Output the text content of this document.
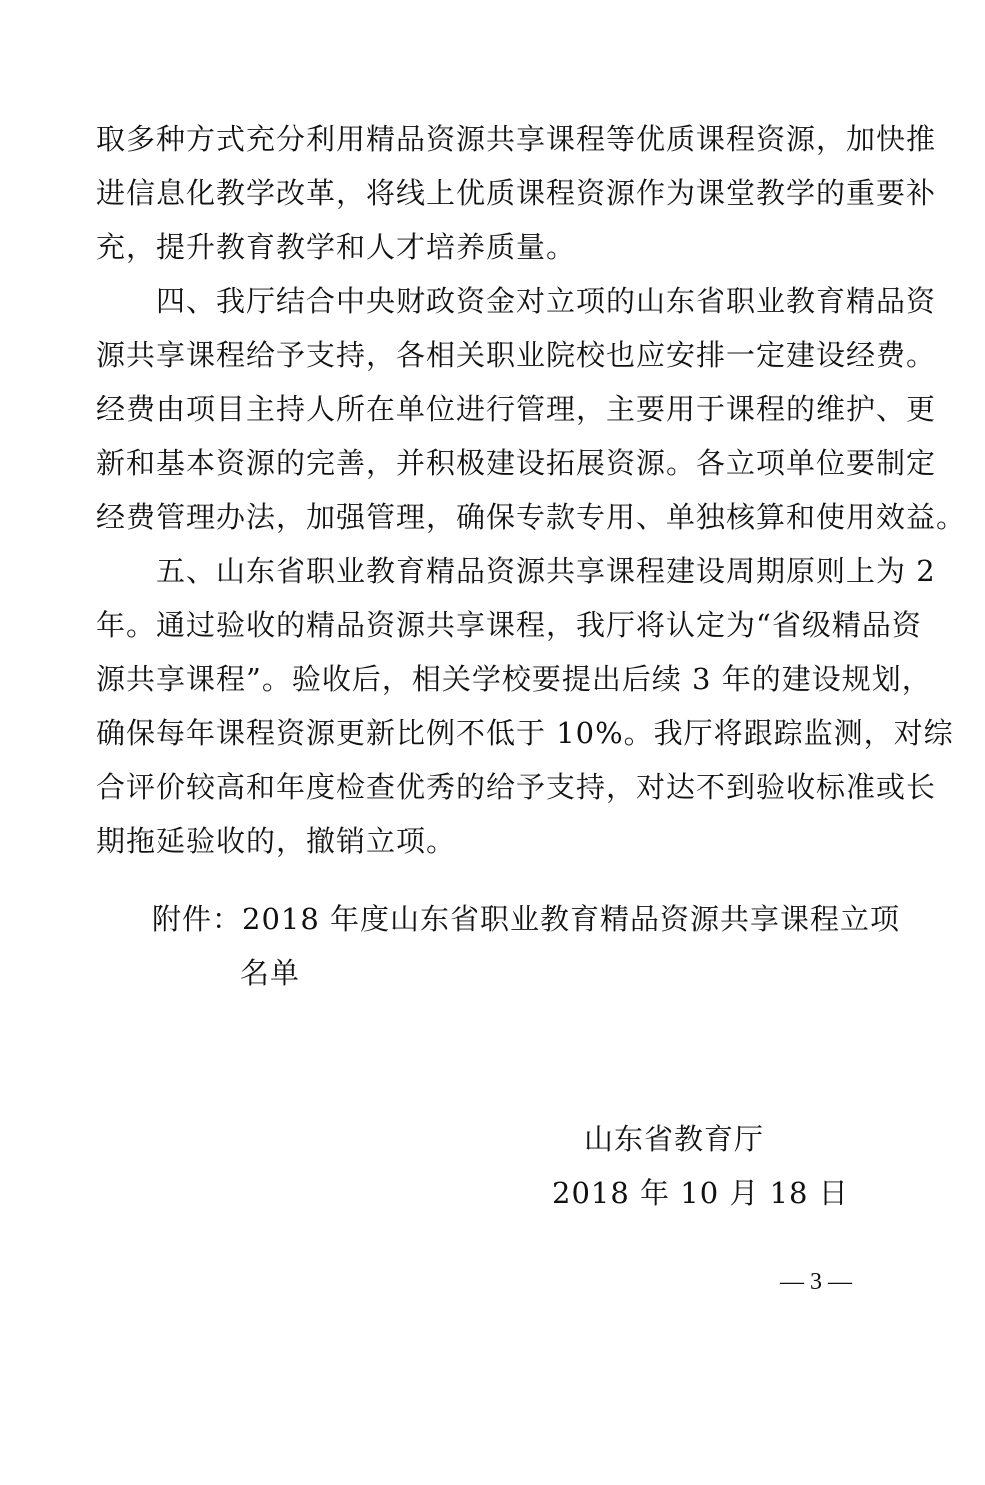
取多种方式充分利用精品资源共享课程等优质课程资源，加快推
进信息化教学改革，将线上优质课程资源作为课堂教学的重要补
充，提升教育教学和人才培养质量。
　　四、我厅结合中央财政资金对立项的山东省职业教育精品资
源共享课程给予支持，各相关职业院校也应安排一定建设经费。
经费由项目主持人所在单位进行管理，主要用于课程的维护、更
新和基本资源的完善，并积极建设拓展资源。各立项单位要制定
经费管理办法，加强管理，确保专款专用、单独核算和使用效益。
　　五、山东省职业教育精品资源共享课程建设周期原则上为 2
年。通过验收的精品资源共享课程，我厅将认定为“省级精品资
源共享课程”。验收后，相关学校要提出后续 3 年的建设规划，
确保每年课程资源更新比例不低于 10%。我厅将跟踪监测，对综
合评价较高和年度检查优秀的给予支持，对达不到验收标准或长
期拖延验收的，撤销立项。
附件：2018 年度山东省职业教育精品资源共享课程立项
名单
山东省教育厅
2018 年 10 月 18 日
— 3 —
